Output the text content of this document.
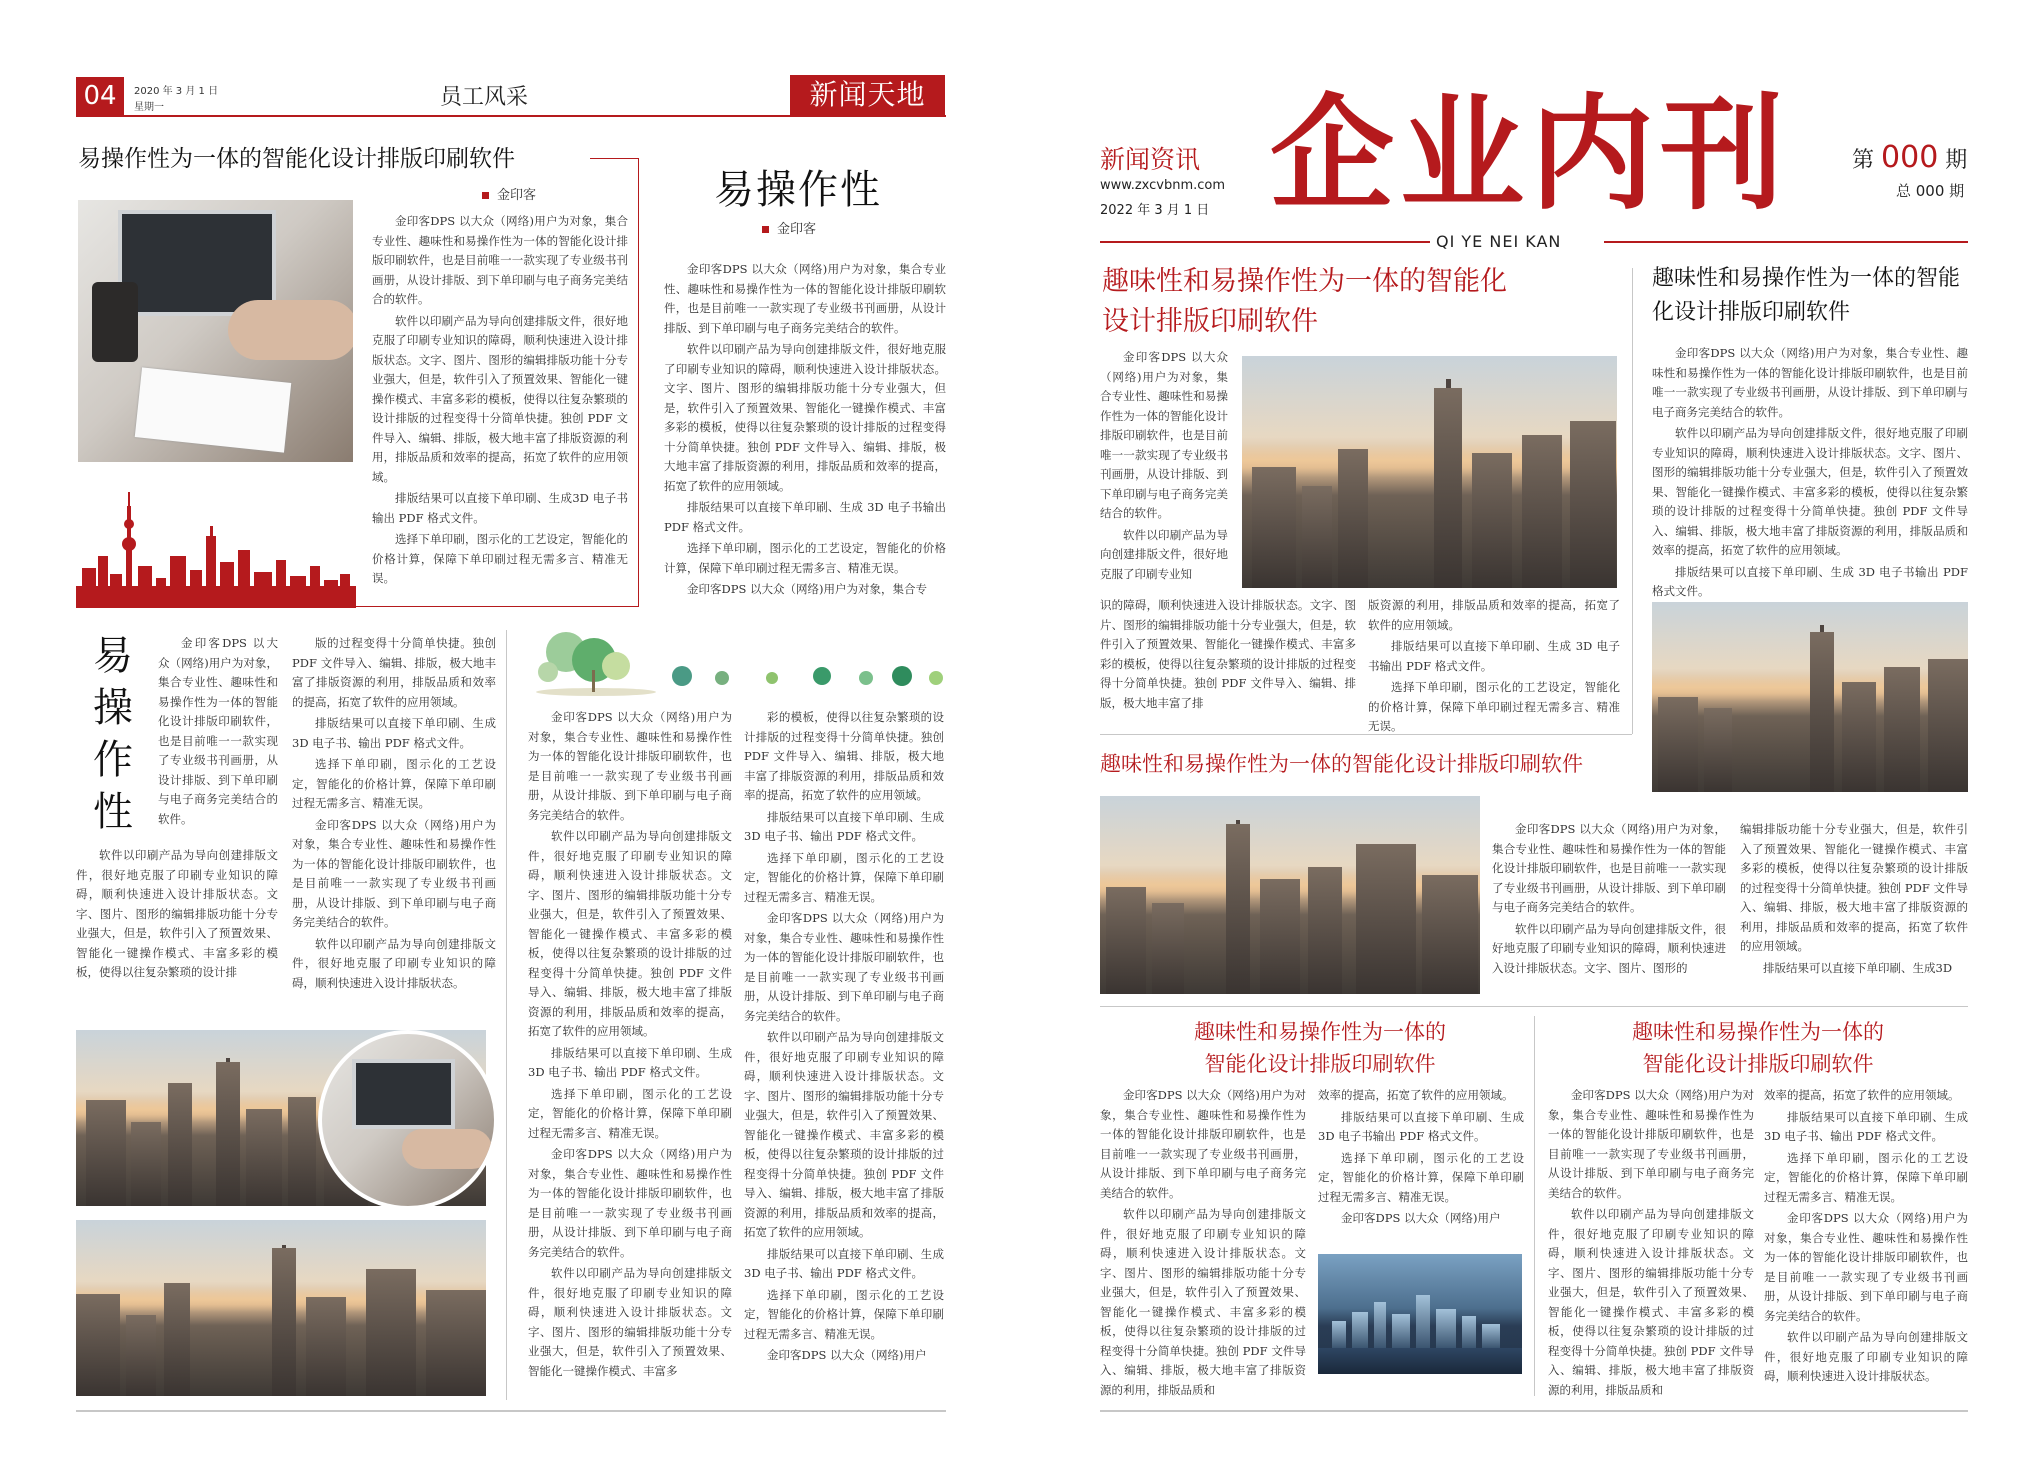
04	2020 年 3 月 1 日
星期一	员工风采	新闻天地
易操作性为一体的智能化设计排版印刷软件
金印客

金印客DPS 以大众（网络)用户为对象，集合专业性、趣味性和易操作性为一体的智能化设计排版印刷软件，也是目前唯一一款实现了专业级书刊画册，从设计排版、到下单印刷与电子商务完美结合的软件。

软件以印刷产品为导向创建排版文件，很好地克服了印刷专业知识的障碍，顺利快速进入设计排版状态。文字、图片、图形的编辑排版功能十分专业强大，但是，软件引入了预置效果、智能化一键操作模式、丰富多彩的模板，使得以往复杂繁琐的设计排版的过程变得十分简单快捷。独创 PDF 文件导入、编辑、排版，极大地丰富了排版资源的利用，排版品质和效率的提高，拓宽了软件的应用领域。

排版结果可以直接下单印刷、生成3D 电子书输出 PDF 格式文件。

选择下单印刷，图示化的工艺设定，智能化的价格计算，保障下单印刷过程无需多言、精准无误。

易操作性
金印客

金印客DPS 以大众（网络)用户为对象，集合专业性、趣味性和易操作性为一体的智能化设计排版印刷软件，也是目前唯一一款实现了专业级书刊画册，从设计排版、到下单印刷与电子商务完美结合的软件。

软件以印刷产品为导向创建排版文件，很好地克服了印刷专业知识的障碍，顺利快速进入设计排版状态。文字、图片、图形的编辑排版功能十分专业强大，但是，软件引入了预置效果、智能化一键操作模式、丰富多彩的模板，使得以往复杂繁琐的设计排版的过程变得十分简单快捷。独创 PDF 文件导入、编辑、排版，极大地丰富了排版资源的利用，排版品质和效率的提高，拓宽了软件的应用领域。

排版结果可以直接下单印刷、生成 3D 电子书输出 PDF 格式文件。

选择下单印刷，图示化的工艺设定，智能化的价格计算，保障下单印刷过程无需多言、精准无误。

金印客DPS 以大众（网络)用户为对象，集合专

易
操
作
性

金印客DPS 以大众（网络)用户为对象，集合专业性、趣味性和易操作性为一体的智能化设计排版印刷软件，也是目前唯一一款实现了专业级书刊画册，从设计排版、到下单印刷与电子商务完美结合的软件。

软件以印刷产品为导向创建排版文件，很好地克服了印刷专业知识的障碍，顺利快速进入设计排版状态。文字、图片、图形的编辑排版功能十分专业强大，但是，软件引入了预置效果、智能化一键操作模式、丰富多彩的模板，使得以往复杂繁琐的设计排

版的过程变得十分简单快捷。独创 PDF 文件导入、编辑、排版，极大地丰富了排版资源的利用，排版品质和效率的提高，拓宽了软件的应用领域。

排版结果可以直接下单印刷、生成3D 电子书、输出 PDF 格式文件。

选择下单印刷，图示化的工艺设定，智能化的价格计算，保障下单印刷过程无需多言、精准无误。

金印客DPS 以大众（网络)用户为对象，集合专业性、趣味性和易操作性为一体的智能化设计排版印刷软件，也是目前唯一一款实现了专业级书刊画册，从设计排版、到下单印刷与电子商务完美结合的软件。

软件以印刷产品为导向创建排版文件，很好地克服了印刷专业知识的障碍，顺利快速进入设计排版状态。

金印客DPS 以大众（网络)用户为对象，集合专业性、趣味性和易操作性为一体的智能化设计排版印刷软件，也是目前唯一一款实现了专业级书刊画册，从设计排版、到下单印刷与电子商务完美结合的软件。

软件以印刷产品为导向创建排版文件，很好地克服了印刷专业知识的障碍，顺利快速进入设计排版状态。文字、图片、图形的编辑排版功能十分专业强大，但是，软件引入了预置效果、智能化一键操作模式、丰富多彩的模板，使得以往复杂繁琐的设计排版的过程变得十分简单快捷。独创 PDF 文件导入、编辑、排版，极大地丰富了排版资源的利用，排版品质和效率的提高，拓宽了软件的应用领域。

排版结果可以直接下单印刷、生成3D 电子书、输出 PDF 格式文件。

选择下单印刷，图示化的工艺设定，智能化的价格计算，保障下单印刷过程无需多言、精准无误。

金印客DPS 以大众（网络)用户为对象，集合专业性、趣味性和易操作性为一体的智能化设计排版印刷软件，也是目前唯一一款实现了专业级书刊画册，从设计排版、到下单印刷与电子商务完美结合的软件。

软件以印刷产品为导向创建排版文件，很好地克服了印刷专业知识的障碍，顺利快速进入设计排版状态。文字、图片、图形的编辑排版功能十分专业强大，但是，软件引入了预置效果、智能化一键操作模式、丰富多

彩的模板，使得以往复杂繁琐的设计排版的过程变得十分简单快捷。独创 PDF 文件导入、编辑、排版，极大地丰富了排版资源的利用，排版品质和效率的提高，拓宽了软件的应用领域。

排版结果可以直接下单印刷、生成 3D 电子书、输出 PDF 格式文件。

选择下单印刷，图示化的工艺设定，智能化的价格计算，保障下单印刷过程无需多言、精准无误。

金印客DPS 以大众（网络)用户为对象，集合专业性、趣味性和易操作性为一体的智能化设计排版印刷软件，也是目前唯一一款实现了专业级书刊画册，从设计排版、到下单印刷与电子商务完美结合的软件。

软件以印刷产品为导向创建排版文件，很好地克服了印刷专业知识的障碍，顺利快速进入设计排版状态。文字、图片、图形的编辑排版功能十分专业强大，但是，软件引入了预置效果、智能化一键操作模式、丰富多彩的模板，使得以往复杂繁琐的设计排版的过程变得十分简单快捷。独创 PDF 文件导入、编辑、排版，极大地丰富了排版资源的利用，排版品质和效率的提高，拓宽了软件的应用领域。

排版结果可以直接下单印刷、生成 3D 电子书、输出 PDF 格式文件。

选择下单印刷，图示化的工艺设定，智能化的价格计算，保障下单印刷过程无需多言、精准无误。

金印客DPS 以大众（网络)用户

新闻资讯
www.zxcvbnm.com
2022 年 3 月 1 日 企业内刊	第 000 期
总 000 期
QI YE NEI KAN
趣味性和易操作性为一体的智能化
设计排版印刷软件

金印客DPS 以大众（网络)用户为对象，集合专业性、趣味性和易操作性为一体的智能化设计排版印刷软件，也是目前唯一一款实现了专业级书刊画册，从设计排版、到下单印刷与电子商务完美结合的软件。

软件以印刷产品为导向创建排版文件，很好地克服了印刷专业知

识的障碍，顺利快速进入设计排版状态。文字、图片、图形的编辑排版功能十分专业强大，但是，软件引入了预置效果、智能化一键操作模式、丰富多彩的模板，使得以往复杂繁琐的设计排版的过程变得十分简单快捷。独创 PDF 文件导入、编辑、排版，极大地丰富了排

版资源的利用，排版品质和效率的提高，拓宽了软件的应用领域。

排版结果可以直接下单印刷、生成 3D 电子书输出 PDF 格式文件。

选择下单印刷，图示化的工艺设定，智能化的价格计算，保障下单印刷过程无需多言、精准无误。

趣味性和易操作性为一体的智能化设计排版印刷软件

金印客DPS 以大众（网络)用户为对象，集合专业性、趣味性和易操作性为一体的智能化设计排版印刷软件，也是目前唯一一款实现了专业级书刊画册，从设计排版、到下单印刷与电子商务完美结合的软件。

软件以印刷产品为导向创建排版文件，很好地克服了印刷专业知识的障碍，顺利快速进入设计排版状态。文字、图片、图形的编辑排版功能十分专业强大，但是，软件引入了预置效果、智能化一键操作模式、丰富多彩的模板，使得以往复杂繁琐的设计排版的过程变得十分简单快捷。独创 PDF 文件导入、编辑、排版，极大地丰富了排版资源的利用，排版品质和效率的提高，拓宽了软件的应用领域。

排版结果可以直接下单印刷、生成 3D 电子书输出 PDF 格式文件。

趣味性和易操作性为一体的智能化设计排版印刷软件

金印客DPS 以大众（网络)用户为对象，集合专业性、趣味性和易操作性为一体的智能化设计排版印刷软件，也是目前唯一一款实现了专业级书刊画册，从设计排版、到下单印刷与电子商务完美结合的软件。

软件以印刷产品为导向创建排版文件，很好地克服了印刷专业知识的障碍，顺利快速进入设计排版状态。文字、图片、图形的

编辑排版功能十分专业强大，但是，软件引入了预置效果、智能化一键操作模式、丰富多彩的模板，使得以往复杂繁琐的设计排版的过程变得十分简单快捷。独创 PDF 文件导入、编辑、排版，极大地丰富了排版资源的利用，排版品质和效率的提高，拓宽了软件的应用领域。

排版结果可以直接下单印刷、生成3D

趣味性和易操作性为一体的
智能化设计排版印刷软件

金印客DPS 以大众（网络)用户为对象，集合专业性、趣味性和易操作性为一体的智能化设计排版印刷软件，也是目前唯一一款实现了专业级书刊画册，从设计排版、到下单印刷与电子商务完美结合的软件。

软件以印刷产品为导向创建排版文件，很好地克服了印刷专业知识的障碍，顺利快速进入设计排版状态。文字、图片、图形的编辑排版功能十分专业强大，但是，软件引入了预置效果、智能化一键操作模式、丰富多彩的模板，使得以往复杂繁琐的设计排版的过程变得十分简单快捷。独创 PDF 文件导入、编辑、排版，极大地丰富了排版资源的利用，排版品质和

效率的提高，拓宽了软件的应用领域。

排版结果可以直接下单印刷、生成 3D 电子书输出 PDF 格式文件。

选择下单印刷，图示化的工艺设定，智能化的价格计算，保障下单印刷过程无需多言、精准无误。

金印客DPS 以大众（网络)用户

趣味性和易操作性为一体的
智能化设计排版印刷软件

金印客DPS 以大众（网络)用户为对象，集合专业性、趣味性和易操作性为一体的智能化设计排版印刷软件，也是目前唯一一款实现了专业级书刊画册，从设计排版、到下单印刷与电子商务完美结合的软件。

软件以印刷产品为导向创建排版文件，很好地克服了印刷专业知识的障碍，顺利快速进入设计排版状态。文字、图片、图形的编辑排版功能十分专业强大，但是，软件引入了预置效果、智能化一键操作模式、丰富多彩的模板，使得以往复杂繁琐的设计排版的过程变得十分简单快捷。独创 PDF 文件导入、编辑、排版，极大地丰富了排版资源的利用，排版品质和

效率的提高，拓宽了软件的应用领域。

排版结果可以直接下单印刷、生成 3D 电子书、输出 PDF 格式文件。

选择下单印刷，图示化的工艺设定，智能化的价格计算，保障下单印刷过程无需多言、精准无误。

金印客DPS 以大众（网络)用户为对象，集合专业性、趣味性和易操作性为一体的智能化设计排版印刷软件，也是目前唯一一款实现了专业级书刊画册，从设计排版、到下单印刷与电子商务完美结合的软件。

软件以印刷产品为导向创建排版文件，很好地克服了印刷专业知识的障碍，顺利快速进入设计排版状态。
